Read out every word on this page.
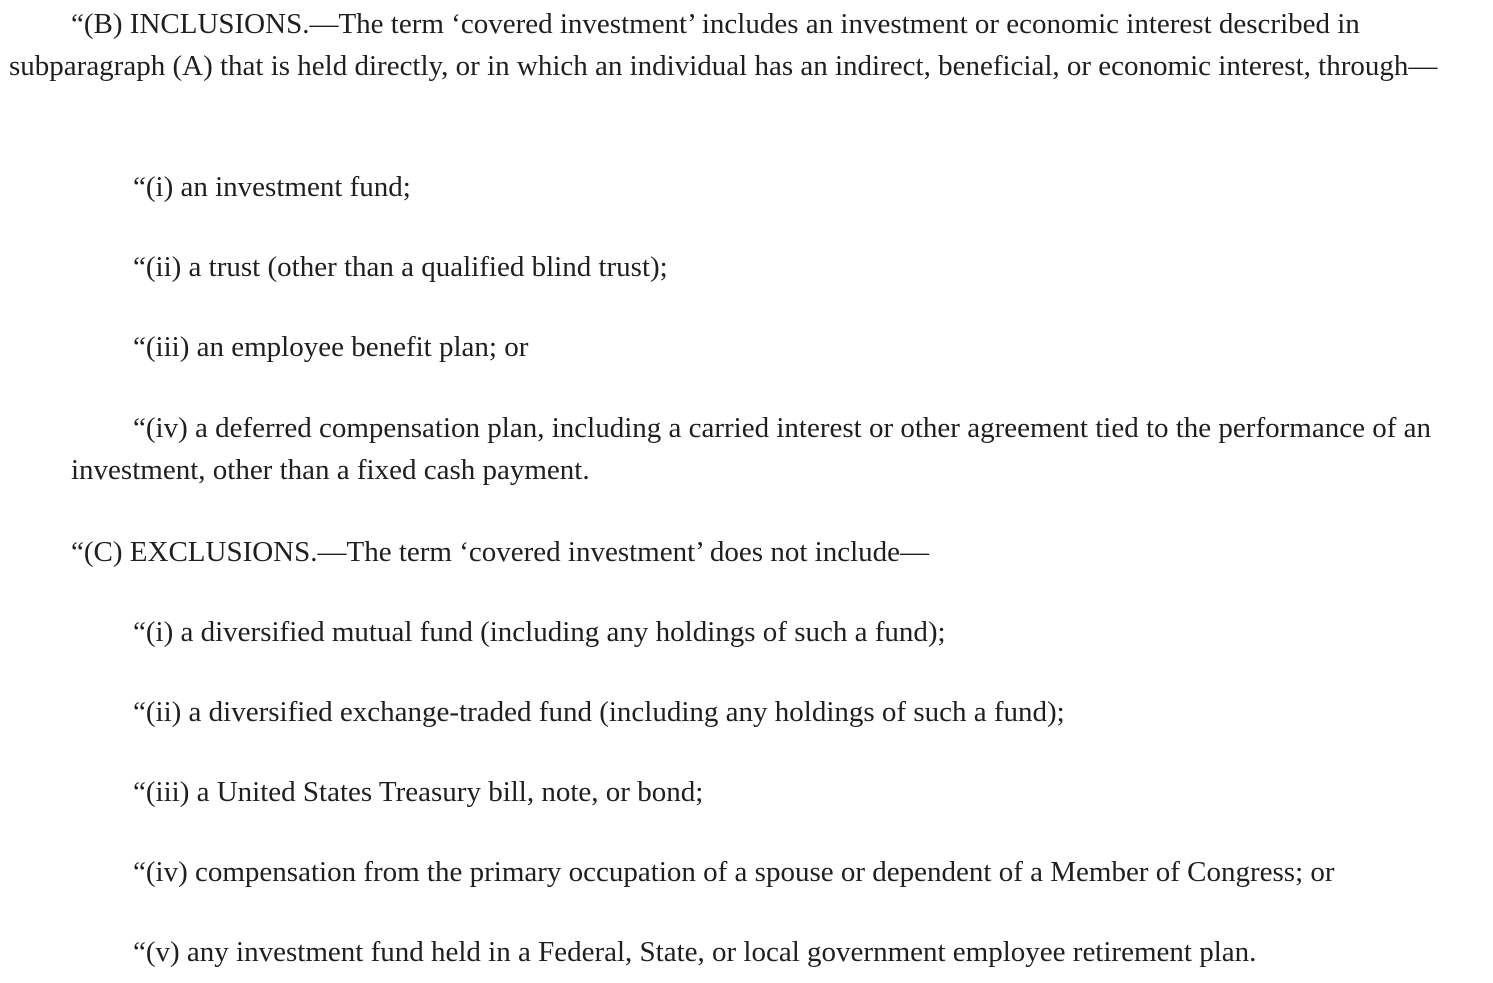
“(B) INCLUSIONS.—The term ‘covered investment’ includes an investment or economic interest described in subparagraph (A) that is held directly, or in which an individual has an indirect, beneficial, or economic interest, through—

“(i) an investment fund;

“(ii) a trust (other than a qualified blind trust);

“(iii) an employee benefit plan; or

“(iv) a deferred compensation plan, including a carried interest or other agreement tied to the performance of an investment, other than a fixed cash payment.

“(C) EXCLUSIONS.—The term ‘covered investment’ does not include—

“(i) a diversified mutual fund (including any holdings of such a fund);

“(ii) a diversified exchange-traded fund (including any holdings of such a fund);

“(iii) a United States Treasury bill, note, or bond;

“(iv) compensation from the primary occupation of a spouse or dependent of a Member of Congress; or

“(v) any investment fund held in a Federal, State, or local government employee retirement plan.
